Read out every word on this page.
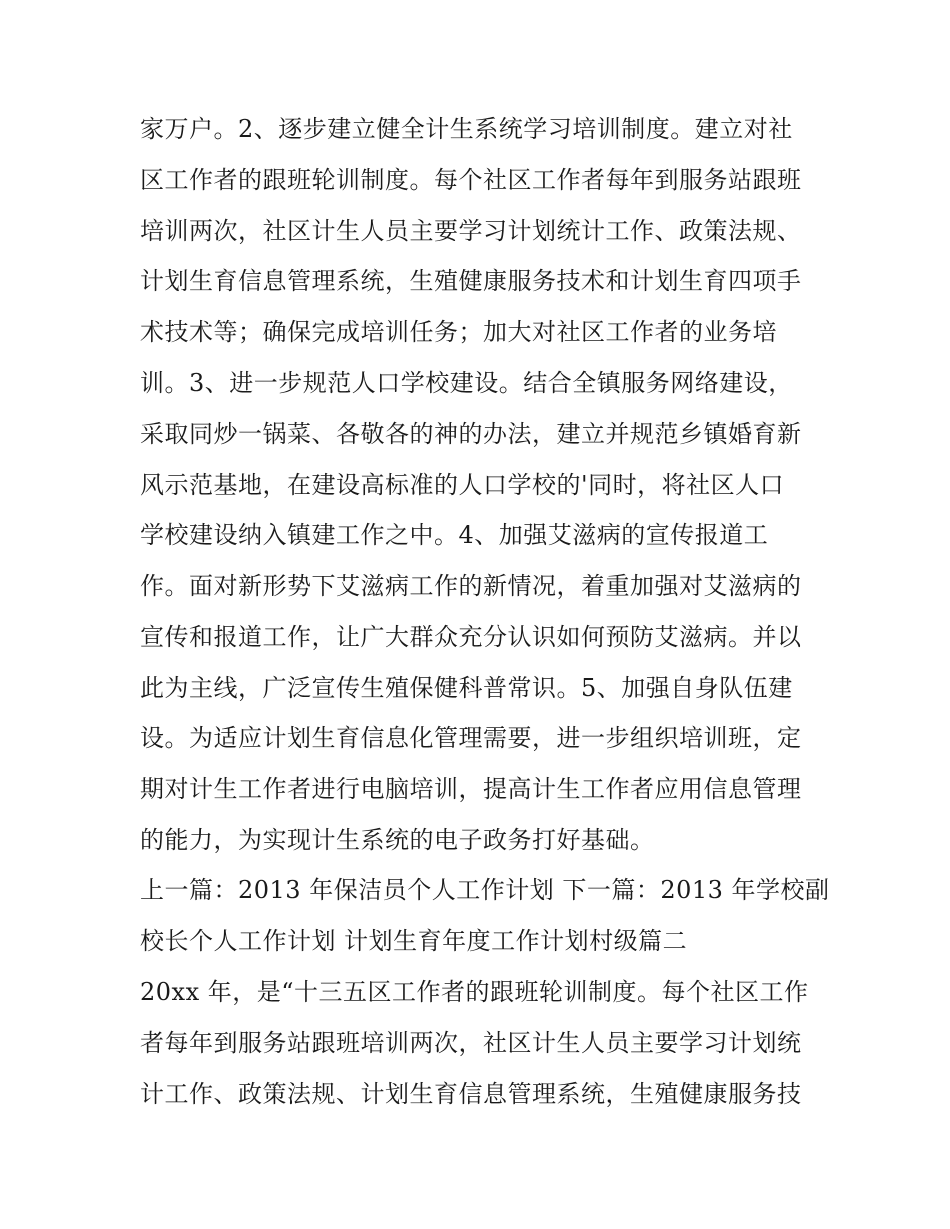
家万户。2、逐步建立健全计生系统学习培训制度。建立对社
区工作者的跟班轮训制度。每个社区工作者每年到服务站跟班
培训两次，社区计生人员主要学习计划统计工作、政策法规、
计划生育信息管理系统，生殖健康服务技术和计划生育四项手
术技术等；确保完成培训任务；加大对社区工作者的业务培
训。3、进一步规范人口学校建设。结合全镇服务网络建设，
采取同炒一锅菜、各敬各的神的办法，建立并规范乡镇婚育新
风示范基地，在建设高标准的人口学校的'同时，将社区人口
学校建设纳入镇建工作之中。4、加强艾滋病的宣传报道工
作。面对新形势下艾滋病工作的新情况，着重加强对艾滋病的
宣传和报道工作，让广大群众充分认识如何预防艾滋病。并以
此为主线，广泛宣传生殖保健科普常识。5、加强自身队伍建
设。为适应计划生育信息化管理需要，进一步组织培训班，定
期对计生工作者进行电脑培训，提高计生工作者应用信息管理
的能力，为实现计生系统的电子政务打好基础。
上一篇：2013 年保洁员个人工作计划 下一篇：2013 年学校副
校长个人工作计划 计划生育年度工作计划村级篇二
20xx 年，是“十三五区工作者的跟班轮训制度。每个社区工作
者每年到服务站跟班培训两次，社区计生人员主要学习计划统
计工作、政策法规、计划生育信息管理系统，生殖健康服务技
